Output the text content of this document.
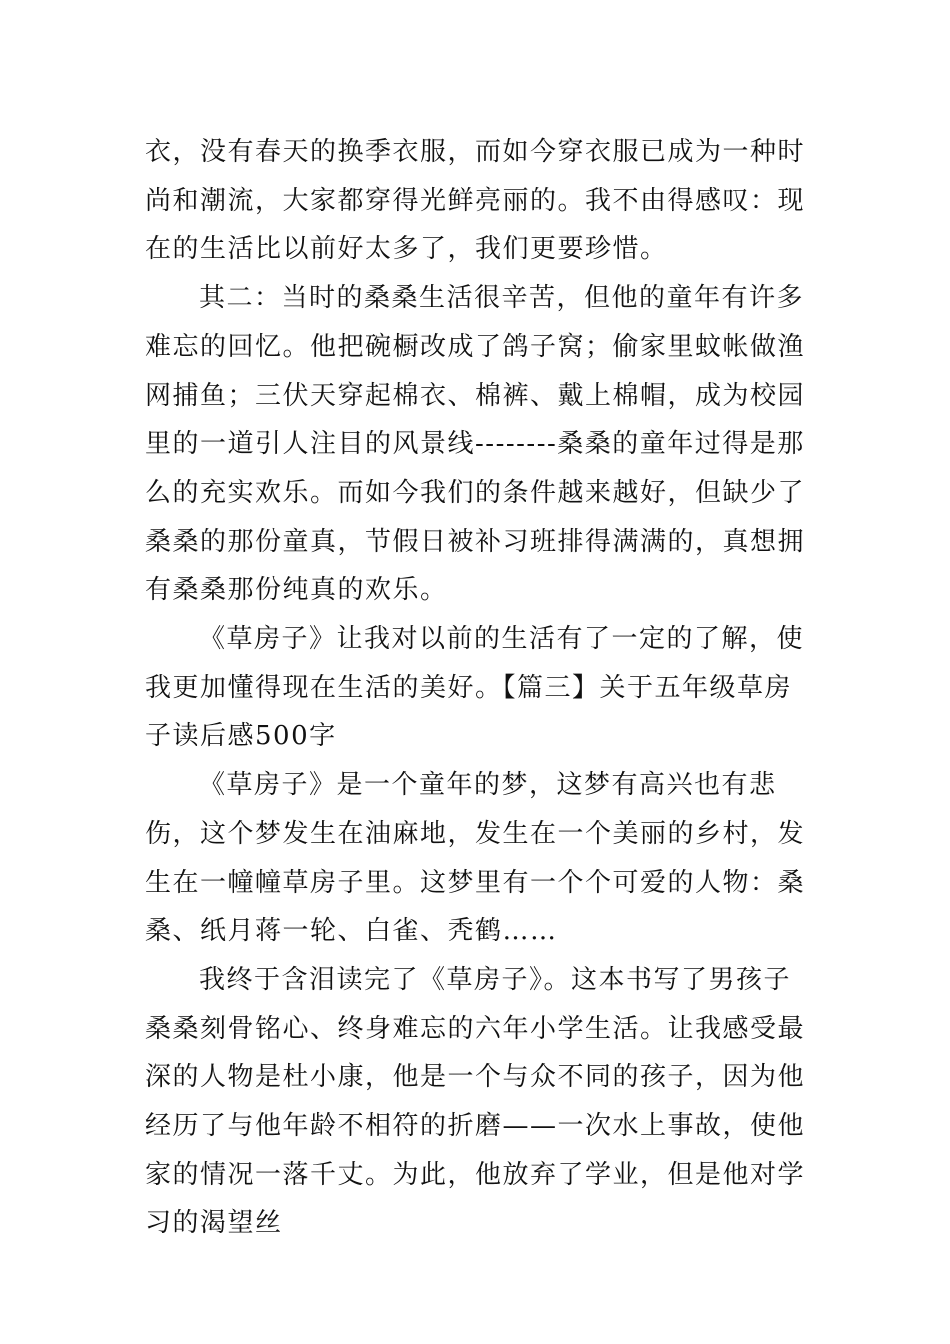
衣，没有春天的换季衣服，而如今穿衣服已成为一种时尚和潮流，大家都穿得光鲜亮丽的。我不由得感叹：现在的生活比以前好太多了，我们更要珍惜。

其二：当时的桑桑生活很辛苦，但他的童年有许多难忘的回忆。他把碗橱改成了鸽子窝；偷家里蚊帐做渔网捕鱼；三伏天穿起棉衣、棉裤、戴上棉帽，成为校园里的一道引人注目的风景线--------桑桑的童年过得是那么的充实欢乐。而如今我们的条件越来越好，但缺少了桑桑的那份童真，节假日被补习班排得满满的，真想拥有桑桑那份纯真的欢乐。

《草房子》让我对以前的生活有了一定的了解，使我更加懂得现在生活的美好。【篇三】关于五年级草房子读后感500字

《草房子》是一个童年的梦，这梦有高兴也有悲伤，这个梦发生在油麻地，发生在一个美丽的乡村，发生在一幢幢草房子里。这梦里有一个个可爱的人物：桑桑、纸月蒋一轮、白雀、秃鹤……

我终于含泪读完了《草房子》。这本书写了男孩子桑桑刻骨铭心、终身难忘的六年小学生活。让我感受最深的人物是杜小康，他是一个与众不同的孩子，因为他经历了与他年龄不相符的折磨——一次水上事故，使他家的情况一落千丈。为此，他放弃了学业，但是他对学习的渴望丝
